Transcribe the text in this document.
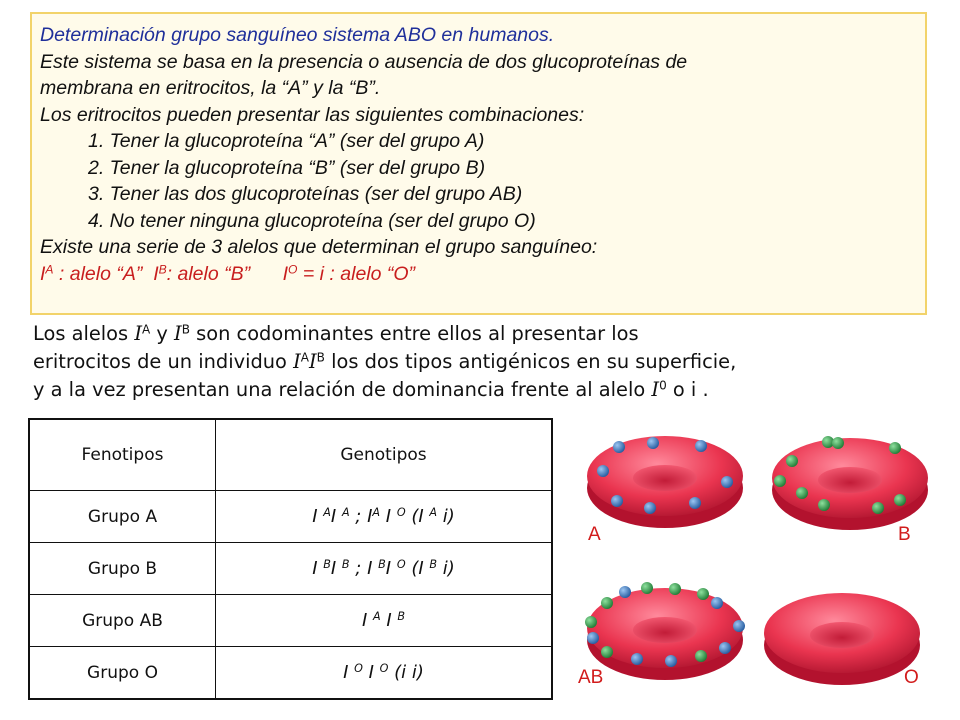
Determinación grupo sanguíneo sistema ABO en humanos.
Este sistema se basa en la presencia o ausencia de dos glucoproteínas de
membrana en eritrocitos, la “A” y la “B”.
Los eritrocitos pueden presentar las siguientes combinaciones:
1. Tener la glucoproteína “A” (ser del grupo A)
2. Tener la glucoproteína “B” (ser del grupo B)
3. Tener las dos glucoproteínas (ser del grupo AB)
4. No tener ninguna glucoproteína (ser del grupo O)
Existe una serie de 3 alelos que determinan el grupo sanguíneo:
$I^A$ : alelo “A”  $I^B$: alelo “B”      $I^O = i$ : alelo “O”
Los alelos $I^A$ y $I^B$ son codominantes entre ellos al presentar los
eritrocitos de un individuo $I^AI^B$ los dos tipos antigénicos en su superficie,
y a la vez presentan una relación de dominancia frente al alelo $I^0$ o i .
Fenotipos	Genotipos
Grupo A	I $^A$I $^A$ ; $I^A$ I $^O$ (I $^A$ i)
Grupo B	I $^B$I $^B$ ; I $^B$I $^O$ (I $^B$ i)
Grupo AB	I $^A$ I $^B$
Grupo O	I $^O$ I $^O$ (i i)
A	B
AB	O
